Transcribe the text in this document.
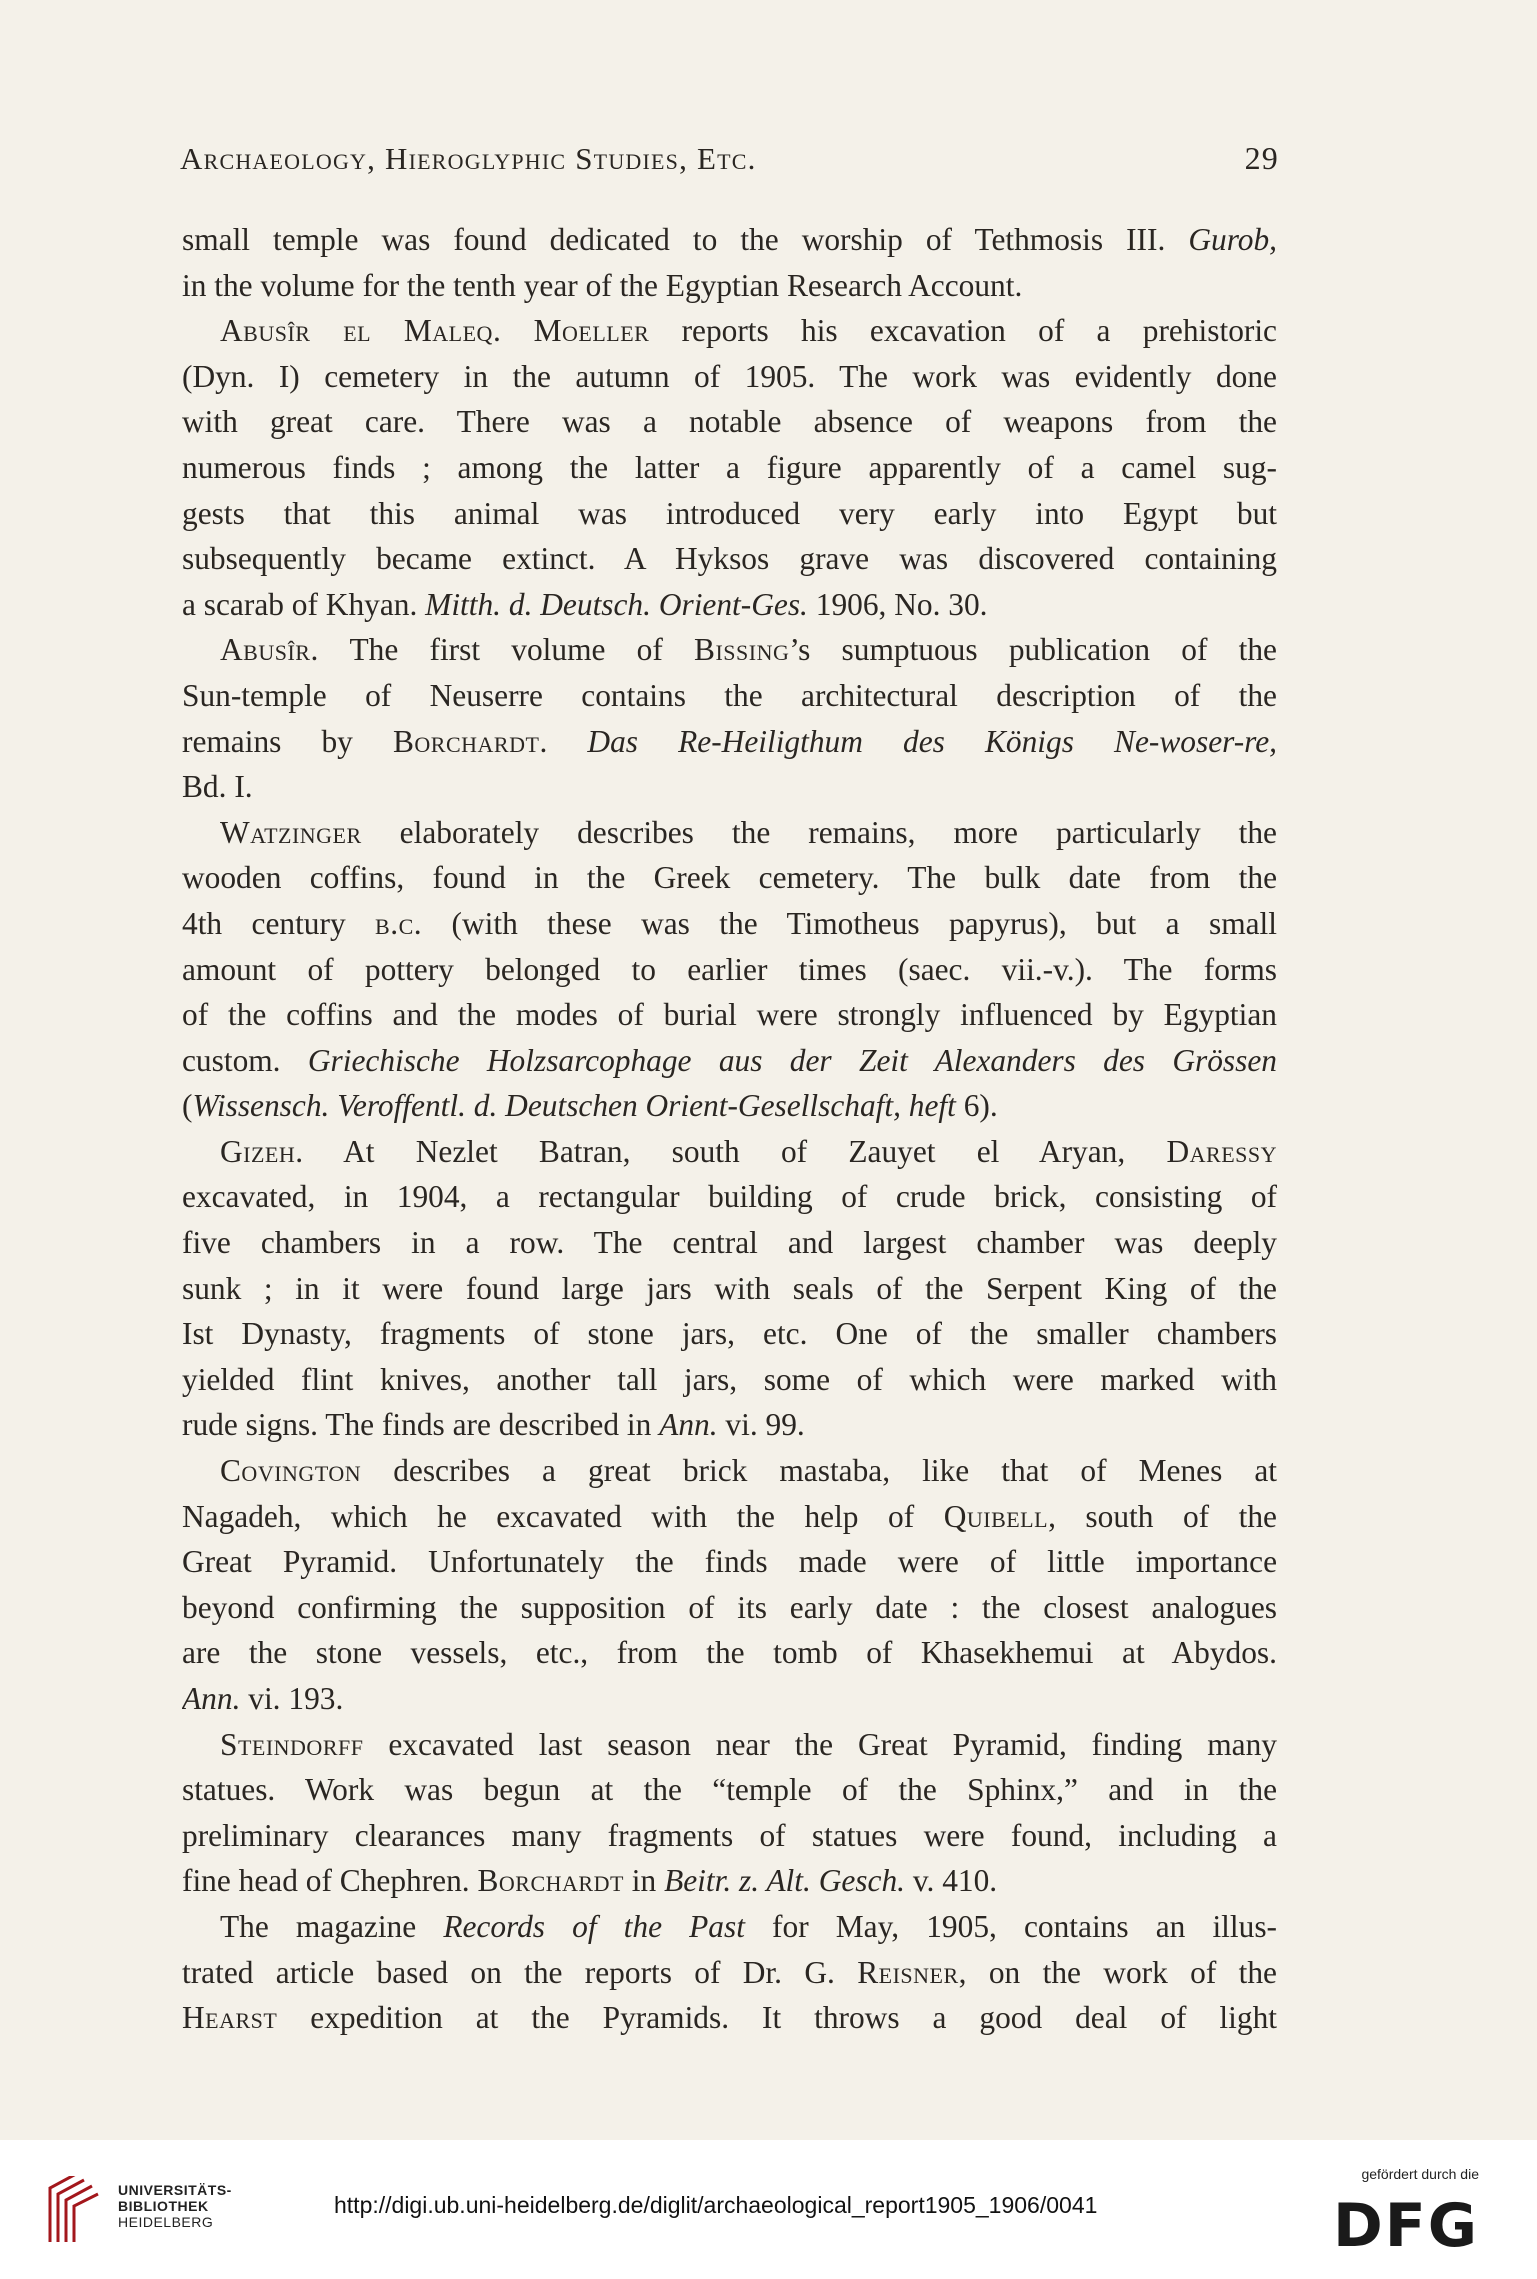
Archaeology, Hieroglyphic Studies, Etc.	29
small temple was found dedicated to the worship of Tethmosis III. Gurob,
in the volume for the tenth year of the Egyptian Research Account.
Abusîr el Maleq. Moeller reports his excavation of a prehistoric
(Dyn. I) cemetery in the autumn of 1905. The work was evidently done
with great care. There was a notable absence of weapons from the
numerous finds ; among the latter a figure apparently of a camel sug-
gests that this animal was introduced very early into Egypt but
subsequently became extinct. A Hyksos grave was discovered containing
a scarab of Khyan. Mitth. d. Deutsch. Orient-Ges. 1906, No. 30.
Abusîr. The first volume of Bissing’s sumptuous publication of the
Sun-temple of Neuserre contains the architectural description of the
remains by Borchardt. Das Re-Heiligthum des Königs Ne-woser-re,
Bd. I.
Watzinger elaborately describes the remains, more particularly the
wooden coffins, found in the Greek cemetery. The bulk date from the
4th century b.c. (with these was the Timotheus papyrus), but a small
amount of pottery belonged to earlier times (saec. vii.-v.). The forms
of the coffins and the modes of burial were strongly influenced by Egyptian
custom. Griechische Holzsarcophage aus der Zeit Alexanders des Grössen
(Wissensch. Veroffentl. d. Deutschen Orient-Gesellschaft, heft 6).
Gizeh. At Nezlet Batran, south of Zauyet el Aryan, Daressy
excavated, in 1904, a rectangular building of crude brick, consisting of
five chambers in a row. The central and largest chamber was deeply
sunk ; in it were found large jars with seals of the Serpent King of the
Ist Dynasty, fragments of stone jars, etc. One of the smaller chambers
yielded flint knives, another tall jars, some of which were marked with
rude signs. The finds are described in Ann. vi. 99.
Covington describes a great brick mastaba, like that of Menes at
Nagadeh, which he excavated with the help of Quibell, south of the
Great Pyramid. Unfortunately the finds made were of little importance
beyond confirming the supposition of its early date : the closest analogues
are the stone vessels, etc., from the tomb of Khasekhemui at Abydos.
Ann. vi. 193.
Steindorff excavated last season near the Great Pyramid, finding many
statues. Work was begun at the “temple of the Sphinx,” and in the
preliminary clearances many fragments of statues were found, including a
fine head of Chephren. Borchardt in Beitr. z. Alt. Gesch. v. 410.
The magazine Records of the Past for May, 1905, contains an illus-
trated article based on the reports of Dr. G. Reisner, on the work of the
Hearst expedition at the Pyramids. It throws a good deal of light
UNIVERSITÄTS-
BIBLIOTHEK
HEIDELBERG
http://digi.ub.uni-heidelberg.de/diglit/archaeological_report1905_1906/0041
gefördert durch die
DFG
